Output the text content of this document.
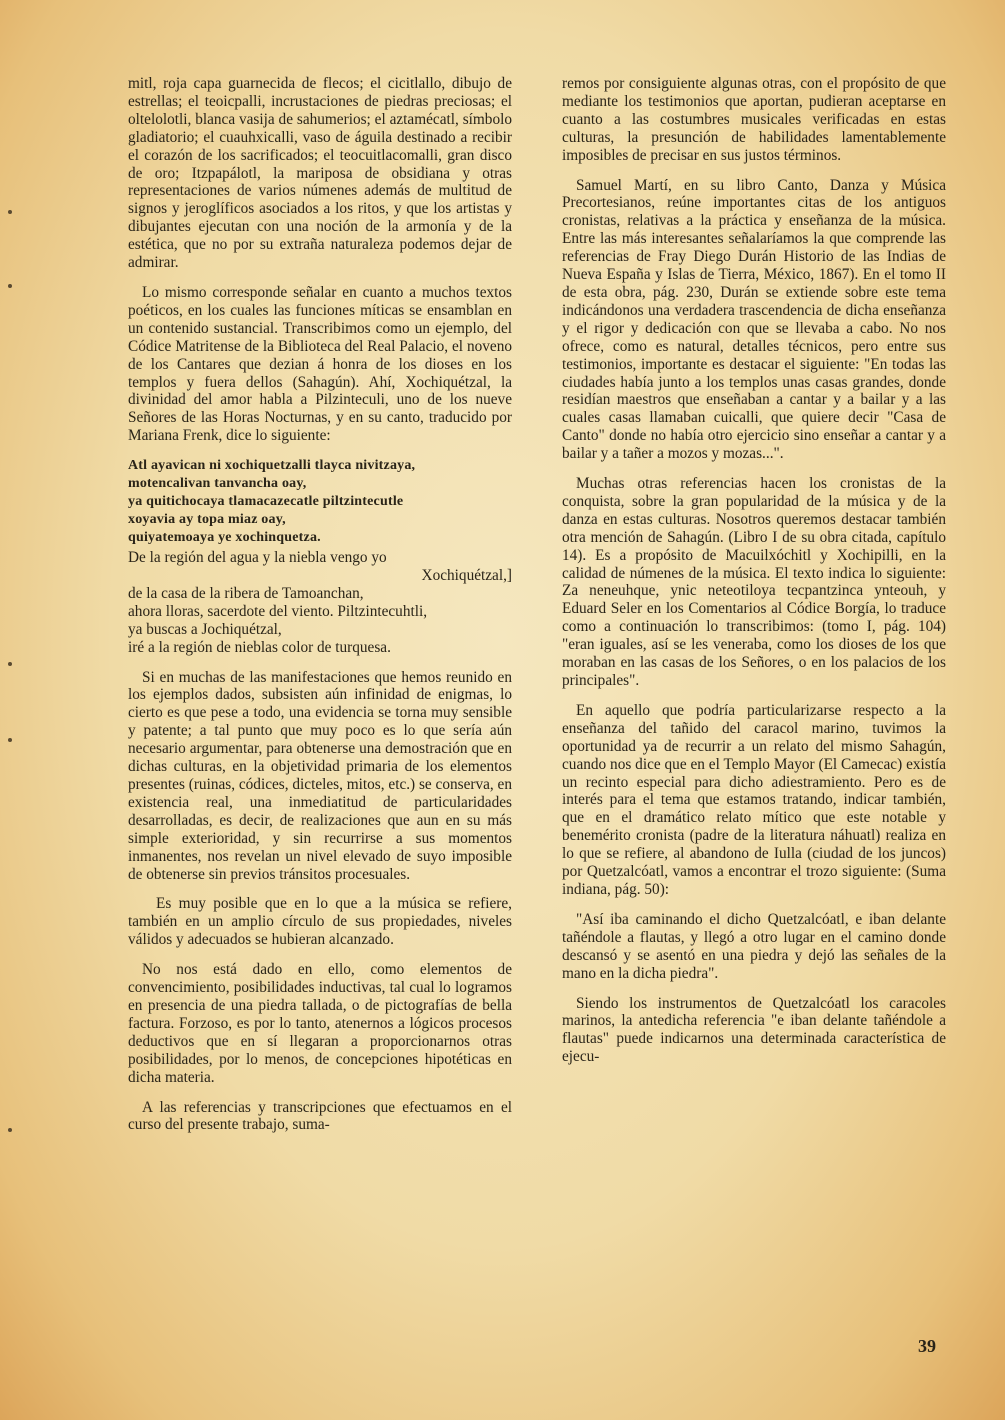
mitl, roja capa guarnecida de flecos; el cicitlallo, dibujo de estrellas; el teoicpalli, incrustaciones de piedras preciosas; el oltelolotli, blanca vasija de sahumerios; el aztamécatl, símbolo gladiatorio; el cuauhxicalli, vaso de águila destinado a recibir el corazón de los sacrificados; el teocuitlacomalli, gran disco de oro; Itzpapálotl, la mariposa de obsidiana y otras representaciones de varios númenes además de multitud de signos y jeroglíficos asociados a los ritos, y que los artistas y dibujantes ejecutan con una noción de la armonía y de la estética, que no por su extraña naturaleza podemos dejar de admirar.

Lo mismo corresponde señalar en cuanto a muchos textos poéticos, en los cuales las funciones míticas se ensamblan en un contenido sustancial. Transcribimos como un ejemplo, del Códice Matritense de la Biblioteca del Real Palacio, el noveno de los Cantares que dezian á honra de los dioses en los templos y fuera dellos (Sahagún). Ahí, Xochiquétzal, la divinidad del amor habla a Pilzinteculi, uno de los nueve Señores de las Horas Nocturnas, y en su canto, traducido por Mariana Frenk, dice lo siguiente:

Atl ayavican ni xochiquetzalli tlayca nivitzaya,
motencalivan tanvancha oay,
ya quitichocaya tlamacazecatle piltzintecutle
xoyavia ay topa miaz oay,
quiyatemoaya ye xochinquetza.
De la región del agua y la niebla vengo yo
Xochiquétzal,]
de la casa de la ribera de Tamoanchan,
ahora lloras, sacerdote del viento. Piltzintecuhtli,
ya buscas a Jochiquétzal,
iré a la región de nieblas color de turquesa.

Si en muchas de las manifestaciones que hemos reunido en los ejemplos dados, subsisten aún infinidad de enigmas, lo cierto es que pese a todo, una evidencia se torna muy sensible y patente; a tal punto que muy poco es lo que sería aún necesario argumentar, para obtenerse una demostración que en dichas culturas, en la objetividad primaria de los elementos presentes (ruinas, códices, dicteles, mitos, etc.) se conserva, en existencia real, una inmediatitud de particularidades desarrolladas, es decir, de realizaciones que aun en su más simple exterioridad, y sin recurrirse a sus momentos inmanentes, nos revelan un nivel elevado de suyo imposible de obtenerse sin previos tránsitos procesuales.

Es muy posible que en lo que a la música se refiere, también en un amplio círculo de sus propiedades, niveles válidos y adecuados se hubieran alcanzado.

No nos está dado en ello, como elementos de convencimiento, posibilidades inductivas, tal cual lo logramos en presencia de una piedra tallada, o de pictografías de bella factura. Forzoso, es por lo tanto, atenernos a lógicos procesos deductivos que en sí llegaran a proporcionarnos otras posibilidades, por lo menos, de concepciones hipotéticas en dicha materia.

A las referencias y transcripciones que efectuamos en el curso del presente trabajo, suma-

remos por consiguiente algunas otras, con el propósito de que mediante los testimonios que aportan, pudieran aceptarse en cuanto a las costumbres musicales verificadas en estas culturas, la presunción de habilidades lamentablemente imposibles de precisar en sus justos términos.

Samuel Martí, en su libro Canto, Danza y Música Precortesianos, reúne importantes citas de los antiguos cronistas, relativas a la práctica y enseñanza de la música. Entre las más interesantes señalaríamos la que comprende las referencias de Fray Diego Durán Historio de las Indias de Nueva España y Islas de Tierra, México, 1867). En el tomo II de esta obra, pág. 230, Durán se extiende sobre este tema indicándonos una verdadera trascendencia de dicha enseñanza y el rigor y dedicación con que se llevaba a cabo. No nos ofrece, como es natural, detalles técnicos, pero entre sus testimonios, importante es destacar el siguiente: "En todas las ciudades había junto a los templos unas casas grandes, donde residían maestros que enseñaban a cantar y a bailar y a las cuales casas llamaban cuicalli, que quiere decir "Casa de Canto" donde no había otro ejercicio sino enseñar a cantar y a bailar y a tañer a mozos y mozas...".

Muchas otras referencias hacen los cronistas de la conquista, sobre la gran popularidad de la música y de la danza en estas culturas. Nosotros queremos destacar también otra mención de Sahagún. (Libro I de su obra citada, capítulo 14). Es a propósito de Macuilxóchitl y Xochipilli, en la calidad de númenes de la música. El texto indica lo siguiente: Za neneuhque, ynic neteotiloya tecpantzinca ynteouh, y Eduard Seler en los Comentarios al Códice Borgía, lo traduce como a continuación lo transcribimos: (tomo I, pág. 104) "eran iguales, así se les veneraba, como los dioses de los que moraban en las casas de los Señores, o en los palacios de los principales".

En aquello que podría particularizarse respecto a la enseñanza del tañido del caracol marino, tuvimos la oportunidad ya de recurrir a un relato del mismo Sahagún, cuando nos dice que en el Templo Mayor (El Camecac) existía un recinto especial para dicho adiestramiento. Pero es de interés para el tema que estamos tratando, indicar también, que en el dramático relato mítico que este notable y benemérito cronista (padre de la literatura náhuatl) realiza en lo que se refiere, al abandono de Iulla (ciudad de los juncos) por Quetzalcóatl, vamos a encontrar el trozo siguiente: (Suma indiana, pág. 50):

"Así iba caminando el dicho Quetzalcóatl, e iban delante tañéndole a flautas, y llegó a otro lugar en el camino donde descansó y se asentó en una piedra y dejó las señales de la mano en la dicha piedra".

Siendo los instrumentos de Quetzalcóatl los caracoles marinos, la antedicha referencia "e iban delante tañéndole a flautas" puede indicarnos una determinada característica de ejecu-

39
